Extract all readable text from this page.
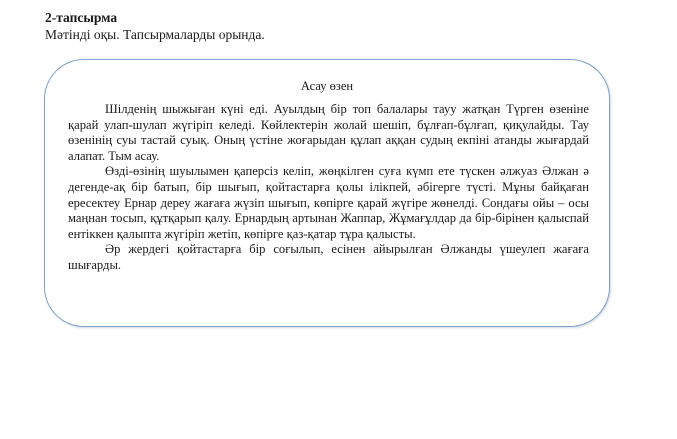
2-тапсырма
Мәтінді оқы. Тапсырмаларды орында.
Асау өзен

Шілденің шыжыған күні еді. Ауылдың бір топ балалары тауу жатқан Түрген өзеніне қарай улап-шулап жүгіріп келеді. Көйлектерін жолай шешіп, бұлғап-бұлғап, қиқулайды. Тау өзенінің суы тастай суық. Оның үстіне жоғарыдан құлап аққан судың екпіні атанды жығардай алапат. Тым асау.

Өзді-өзінің шуылымен қаперсіз келіп, жөңкілген суға күмп ете түскен әлжуаз Әлжан ә дегенде-ақ бір батып, бір шығып, қойтастарға қолы ілікпей, әбігерге түсті. Мұны байқаған ересектеу Ернар дереу жағаға жүзіп шығып, көпірге қарай жүгіре жөнелді. Сондағы ойы – осы маңнан тосып, құтқарып қалу. Ернардың артынан Жаппар, Жұмағұлдар да бір-бірінен қалыспай ентіккен қалыпта жүгіріп жетіп, көпірге қаз-қатар тұра қалысты.

Әр жердегі қойтастарға бір соғылып, есінен айырылған Әлжанды үшеулеп жағаға шығарды.
